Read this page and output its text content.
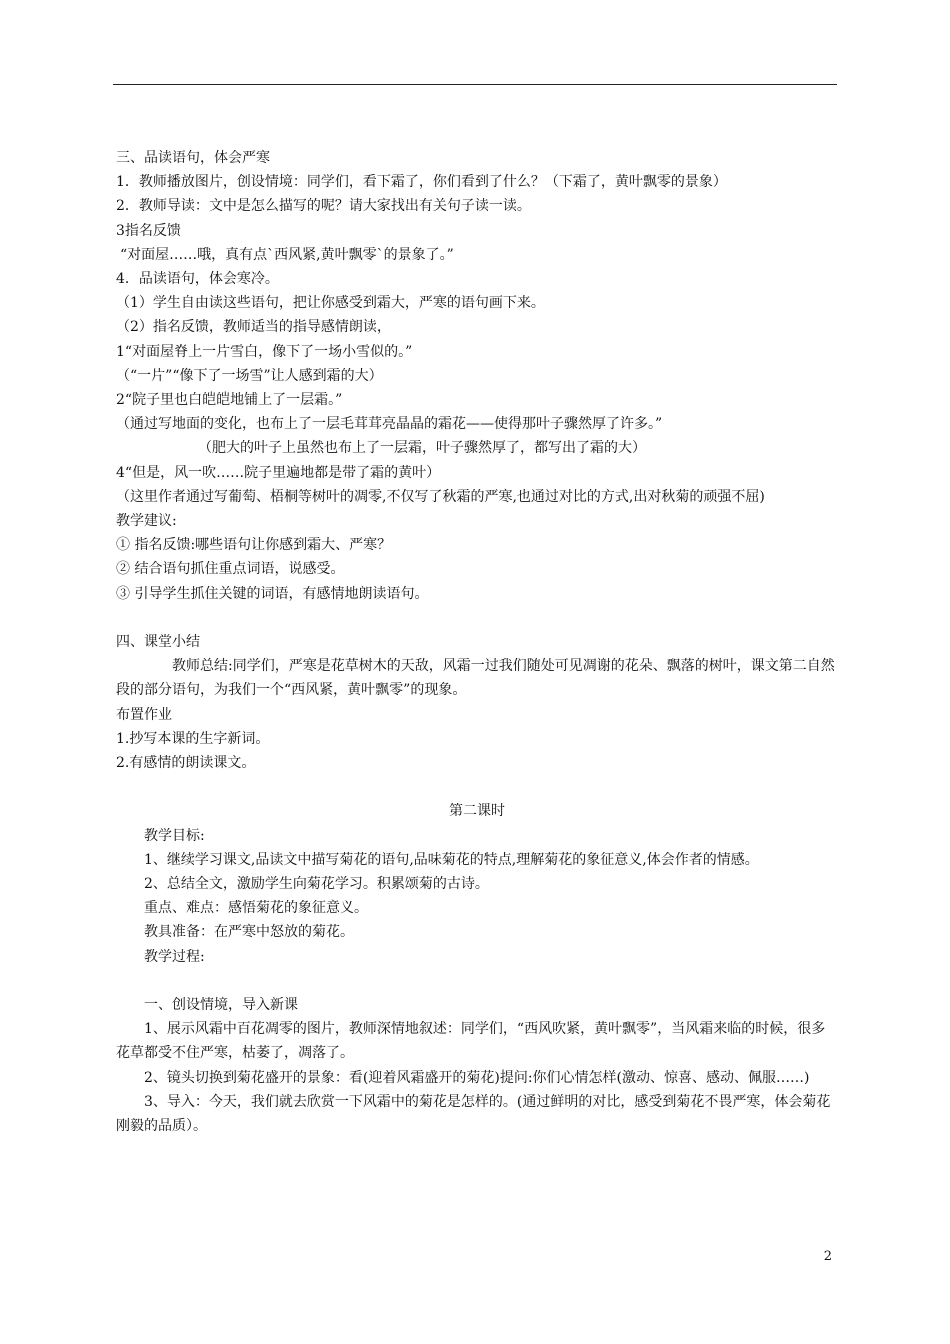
三、品读语句，体会严寒
1．教师播放图片，创设情境：同学们，看下霜了，你们看到了什么？（下霜了，黄叶飘零的景象）
2．教师导读：文中是怎么描写的呢？请大家找出有关句子读一读。
3指名反馈
“对面屋……哦，真有点`西风紧,黄叶飘零`的景象了。”
4．品读语句，体会寒冷。
（1）学生自由读这些语句，把让你感受到霜大，严寒的语句画下来。
（2）指名反馈，教师适当的指导感情朗读，
1“对面屋脊上一片雪白，像下了一场小雪似的。”
（“一片”“像下了一场雪”让人感到霜的大）
2“院子里也白皑皑地铺上了一层霜。”
（通过写地面的变化，也布上了一层毛茸茸亮晶晶的霜花——使得那叶子骤然厚了许多。”
（肥大的叶子上虽然也布上了一层霜，叶子骤然厚了，都写出了霜的大）
4“但是，风一吹……院子里遍地都是带了霜的黄叶）
（这里作者通过写葡萄、梧桐等树叶的凋零,不仅写了秋霜的严寒,也通过对比的方式,出对秋菊的顽强不屈)
教学建议:
① 指名反馈:哪些语句让你感到霜大、严寒？
② 结合语句抓住重点词语，说感受。
③ 引导学生抓住关键的词语，有感情地朗读语句。
四、课堂小结
教师总结:同学们，严寒是花草树木的天敌，风霜一过我们随处可见凋谢的花朵、飘落的树叶，课文第二自然段的部分语句，为我们一个“西风紧，黄叶飘零”的现象。
布置作业
1.抄写本课的生字新词。
2.有感情的朗读课文。
第二课时
教学目标:
1、继续学习课文,品读文中描写菊花的语句,品味菊花的特点,理解菊花的象征意义,体会作者的情感。
2、总结全文，激励学生向菊花学习。积累颂菊的古诗。
重点、难点：感悟菊花的象征意义。
教具准备：在严寒中怒放的菊花。
教学过程:
一、创设情境，导入新课
1、展示风霜中百花凋零的图片，教师深情地叙述：同学们，“西风吹紧，黄叶飘零”，当风霜来临的时候，很多花草都受不住严寒，枯萎了，凋落了。
2、镜头切换到菊花盛开的景象：看(迎着风霜盛开的菊花)提问:你们心情怎样(激动、惊喜、感动、佩服……)
3、导入：今天，我们就去欣赏一下风霜中的菊花是怎样的。(通过鲜明的对比，感受到菊花不畏严寒，体会菊花刚毅的品质）。
2
